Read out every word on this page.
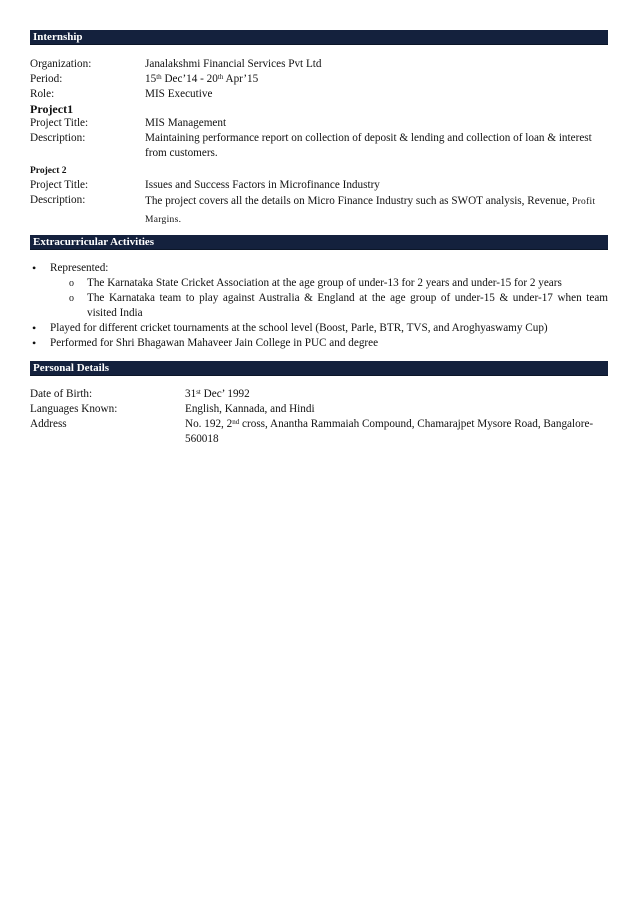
Internship
Organization:	Janalakshmi Financial Services Pvt Ltd
Period:	15th Dec’14 - 20th Apr’15
Role:	MIS Executive
Project1
Project Title:	MIS Management
Description:	Maintaining performance report on collection of deposit & lending and collection of loan & interest from customers.
Project 2
Project Title:	Issues and Success Factors in Microfinance Industry
Description:	The project covers all the details on Micro Finance Industry such as SWOT analysis, Revenue, Profit Margins.
Extracurricular Activities
• Represented:
o The Karnataka State Cricket Association at the age group of under-13 for 2 years and under-15 for 2 years
o The Karnataka team to play against Australia & England at the age group of under-15 & under-17 when team visited India
• Played for different cricket tournaments at the school level (Boost, Parle, BTR, TVS, and Aroghyaswamy Cup)
• Performed for Shri Bhagawan Mahaveer Jain College in PUC and degree
Personal Details
Date of Birth:	31st Dec’ 1992
Languages Known:	English, Kannada, and Hindi
Address	No. 192, 2nd cross, Anantha Rammaiah Compound, Chamarajpet Mysore Road, Bangalore- 560018
